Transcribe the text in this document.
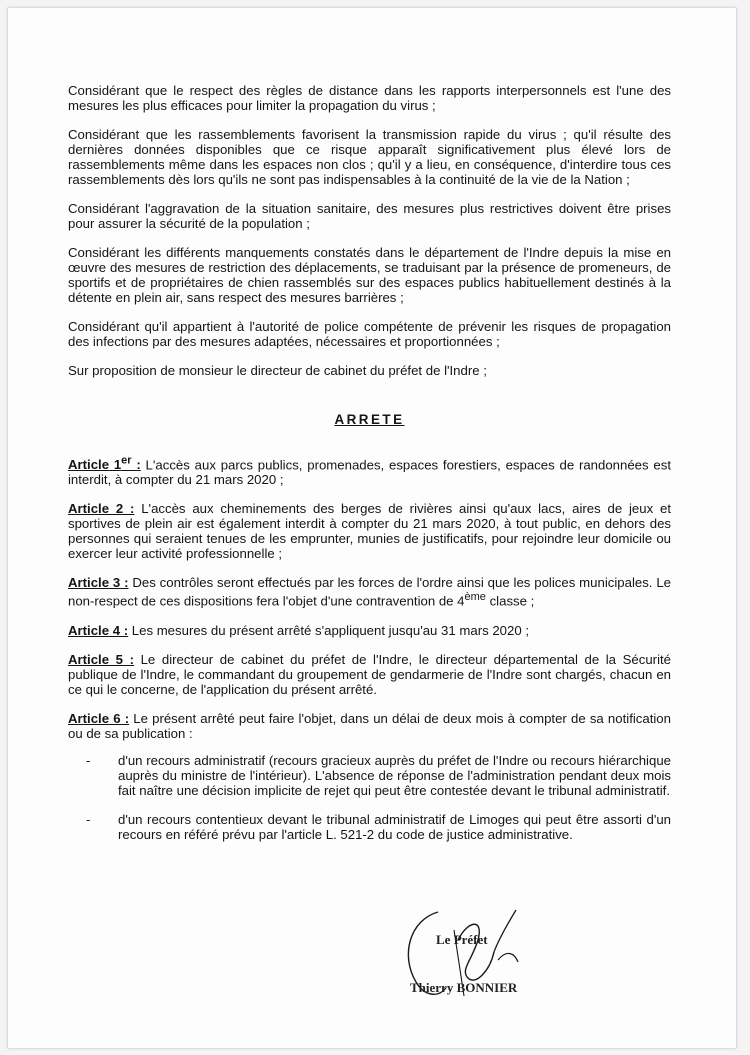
Considérant que le respect des règles de distance dans les rapports interpersonnels est l'une des mesures les plus efficaces pour limiter la propagation du virus ;

Considérant que les rassemblements favorisent la transmission rapide du virus ; qu'il résulte des dernières données disponibles que ce risque apparaît significativement plus élevé lors de rassemblements même dans les espaces non clos ; qu'il y a lieu, en conséquence, d'interdire tous ces rassemblements dès lors qu'ils ne sont pas indispensables à la continuité de la vie de la Nation ;

Considérant l'aggravation de la situation sanitaire, des mesures plus restrictives doivent être prises pour assurer la sécurité de la population ;

Considérant les différents manquements constatés dans le département de l'Indre depuis la mise en œuvre des mesures de restriction des déplacements, se traduisant par la présence de promeneurs, de sportifs et de propriétaires de chien rassemblés sur des espaces publics habituellement destinés à la détente en plein air, sans respect des mesures barrières ;

Considérant qu'il appartient à l'autorité de police compétente de prévenir les risques de propagation des infections par des mesures adaptées, nécessaires et proportionnées ;

Sur proposition de monsieur le directeur de cabinet du préfet de l'Indre ;

ARRETE

Article 1er : L'accès aux parcs publics, promenades, espaces forestiers, espaces de randonnées est interdit, à compter du 21 mars 2020 ;

Article 2 : L'accès aux cheminements des berges de rivières ainsi qu'aux lacs, aires de jeux et sportives de plein air est également interdit à compter du 21 mars 2020, à tout public, en dehors des personnes qui seraient tenues de les emprunter, munies de justificatifs, pour rejoindre leur domicile ou exercer leur activité professionnelle ;

Article 3 : Des contrôles seront effectués par les forces de l'ordre ainsi que les polices municipales. Le non-respect de ces dispositions fera l'objet d'une contravention de 4ème classe ;

Article 4 : Les mesures du présent arrêté s'appliquent jusqu'au 31 mars 2020 ;

Article 5 : Le directeur de cabinet du préfet de l'Indre, le directeur départemental de la Sécurité publique de l'Indre, le commandant du groupement de gendarmerie de l'Indre sont chargés, chacun en ce qui le concerne, de l'application du présent arrêté.

Article 6 : Le présent arrêté peut faire l'objet, dans un délai de deux mois à compter de sa notification ou de sa publication :

- d'un recours administratif (recours gracieux auprès du préfet de l'Indre ou recours hiérarchique auprès du ministre de l'intérieur). L'absence de réponse de l'administration pendant deux mois fait naître une décision implicite de rejet qui peut être contestée devant le tribunal administratif.
- d'un recours contentieux devant le tribunal administratif de Limoges qui peut être assorti d'un recours en référé prévu par l'article L. 521-2 du code de justice administrative.
Le Préfet
Thierry BONNIER
